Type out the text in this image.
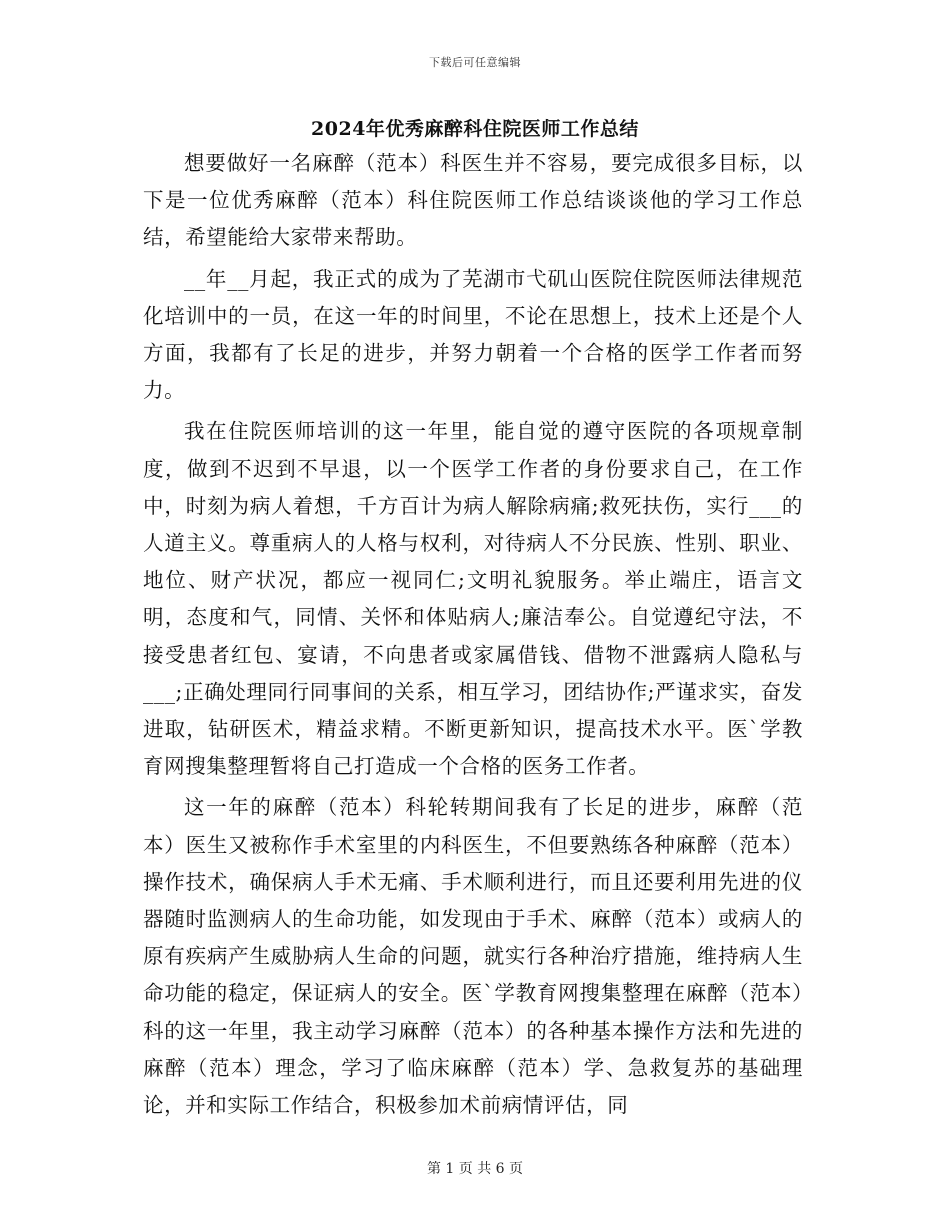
下载后可任意编辑
2024年优秀麻醉科住院医师工作总结

想要做好一名麻醉（范本）科医生并不容易，要完成很多目标，以下是一位优秀麻醉（范本）科住院医师工作总结谈谈他的学习工作总结，希望能给大家带来帮助。

__年__月起，我正式的成为了芜湖市弋矶山医院住院医师法律规范化培训中的一员，在这一年的时间里，不论在思想上，技术上还是个人方面，我都有了长足的进步，并努力朝着一个合格的医学工作者而努力。

我在住院医师培训的这一年里，能自觉的遵守医院的各项规章制度，做到不迟到不早退，以一个医学工作者的身份要求自己，在工作中，时刻为病人着想，千方百计为病人解除病痛;救死扶伤，实行___的人道主义。尊重病人的人格与权利，对待病人不分民族、性别、职业、地位、财产状况，都应一视同仁;文明礼貌服务。举止端庄，语言文明，态度和气，同情、关怀和体贴病人;廉洁奉公。自觉遵纪守法，不接受患者红包、宴请，不向患者或家属借钱、借物不泄露病人隐私与___;正确处理同行同事间的关系，相互学习，团结协作;严谨求实，奋发进取，钻研医术，精益求精。不断更新知识，提高技术水平。医`学教育网搜集整理暂将自己打造成一个合格的医务工作者。

这一年的麻醉（范本）科轮转期间我有了长足的进步，麻醉（范本）医生又被称作手术室里的内科医生，不但要熟练各种麻醉（范本）操作技术，确保病人手术无痛、手术顺利进行，而且还要利用先进的仪器随时监测病人的生命功能，如发现由于手术、麻醉（范本）或病人的原有疾病产生威胁病人生命的问题，就实行各种治疗措施，维持病人生命功能的稳定，保证病人的安全。医`学教育网搜集整理在麻醉（范本）科的这一年里，我主动学习麻醉（范本）的各种基本操作方法和先进的麻醉（范本）理念，学习了临床麻醉（范本）学、急救复苏的基础理论，并和实际工作结合，积极参加术前病情评估，同

第 1 页 共 6 页
